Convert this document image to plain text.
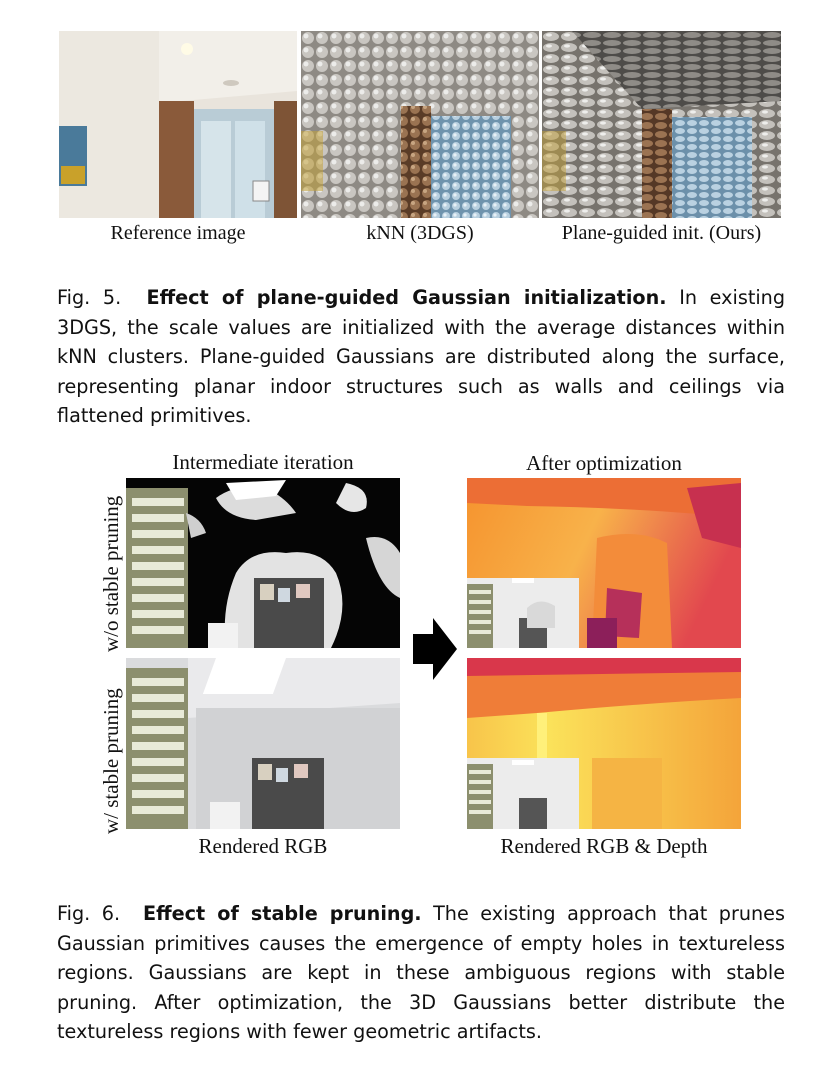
Reference image	kNN (3DGS)	Plane-guided init. (Ours)
Fig. 5. Effect of plane-guided Gaussian initialization. In existing 3DGS, the scale values are initialized with the average distances within kNN clusters. Plane-guided Gaussians are distributed along the surface, representing planar indoor structures such as walls and ceilings via flattened primitives.
Intermediate iteration	After optimization
w/o stable pruning
w/ stable pruning
Rendered RGB	Rendered RGB & Depth
Fig. 6. Effect of stable pruning. The existing approach that prunes Gaussian primitives causes the emergence of empty holes in textureless regions. Gaussians are kept in these ambiguous regions with stable pruning. After optimization, the 3D Gaussians better distribute the textureless regions with fewer geometric artifacts.
